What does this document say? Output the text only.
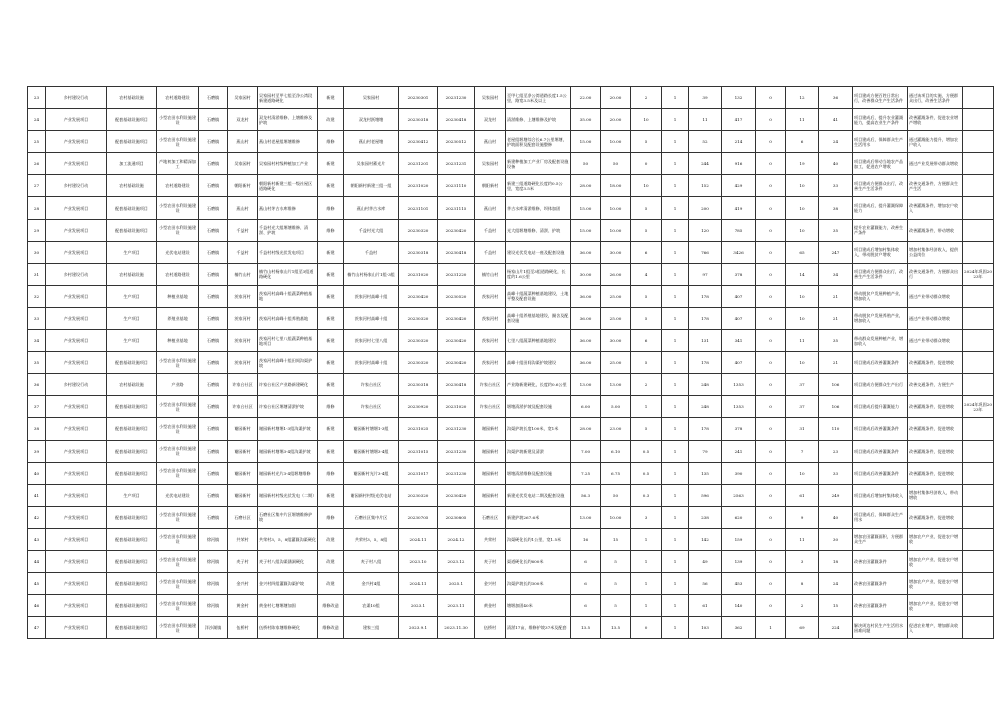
23	乡村建设行动	农村基础设施	农村道路建设	石磨镇	吴家园村	吴家园村至甲七组至净公湾段新建道路硬化	新建	吴家园村	20230301	20231230	吴家园村	至甲七组至净公湾道路长度1.5公里，路宽3.5米及以上	22.00	20.00	2	1	39	132	0	12	36	项目建成方便百姓日常出行，改善群众生产生活条件	通过该项目的实施，方便群众出行，改善生活条件	
24	产业发展项目	配套基础设施项目	小型农田水利设施建设	石磨镇	双龙村	双龙村清淤维修、上塘维修及护坡	改建	双龙村跃塘塘	20230318	20230418	双龙村	清淤维修、上塘维修及护坡	35.00	20.00	10	1	11	417	0	11	41	项目建成后，提升农业灌溉能力，提高农业生产条件	改善灌溉条件，促进农业增产增收	
25	产业发展项目	配套基础设施项目	小型农田水利设施建设	石磨镇	燕山村	燕山村老屋组堰塘维修	维修	燕山村老屋塘	20230412	20230512	燕山村	老屋组堰塘综合长6.7公里堰塘，护坡面积及配套设施整修	15.00	10.00	5	1	52	214	0	6	24	项目建成后，保障群众生产生活用水	通过灌溉能力提升，增加农户收入	
26	产业发展项目	加工流通项目	产地初加工和精深加工	石磨镇	吴家园村	吴家园村村级种植加工产业	新建	吴家园村蓄光片	20231201	20231231	吴家园村	新建种植加工产业厂房及配套设施设备	50	50	0	1	244	916	0	19	40	项目建成后带动当地农产品加工，促进农户增收	通过产业发展带动群众增收	
27	乡村建设行动	农村基础设施	农村道路建设	石磨镇	朝阳新村	朝阳新村新建三组一级社屋区道路硬化	新建	朝阳新村新建三组一组	20231020	20231110	朝阳新村	新建三组道路硬化长度约0.5公里，宽度3.5米	28.00	18.00	10	1	152	429	0	10	33	项目建成方便群众出行，改善生产生活条件	改善交通条件，方便群众生产生活	
28	产业发展项目	配套基础设施项目	小型农田水利设施建设	石磨镇	燕山村	燕山村茅古水库维修	维修	燕山村茅古水库	20231101	20231115	燕山村	茅古水库清淤维修，坝体加固	15.00	10.00	5	1	200	419	0	10	38	项目建成后，提升灌溉保障能力	改善灌溉条件，增加农户收入	
29	产业发展项目	配套基础设施项目	小型农田水利设施建设	石磨镇	千益村	千益村光大组堰塘维修、清淤、护坡	维修	千益村光大组	20230320	20230420	千益村	光大组堰塘维修、清淤、护坡	15.00	10.00	5	1	120	785	0	10	35	提升农业灌溉能力，改善生产条件	改善灌溉条件，带动增收	
30	产业发展项目	生产项目	光伏电站建设	石磨镇	千益村	千益村村级光伏发电项目	新建	千益村	20230318	20230418	千益村	建设光伏发电站一座及配套设施	36.00	30.00	6	1	766	3426	0	65	247	项目建成后增加村集体收入，带动脱贫户增收	增加村集体经济收入，提供公益岗位	
31	乡村建设行动	农村基础设施	农村道路建设	石磨镇	楠竹山村	楠竹山村杨家山片1组至3组道路硬化	新建	楠竹山村杨家山片1组-3组	20231020	20231220	楠竹山村	杨家山片1组至3组道路硬化，长度约1.6公里	30.00	26.00	4	1	97	378	0	14	34	项目建成方便群众出行，改善生产生活条件	改善交通条件，方便群众出行	2024年巩固2023年
32	产业发展项目	生产项目	种植业基地	石磨镇	茨家河村	茨家河村高峰十组蔬菜种植基地	新建	茨家河村高峰十组	20230420	20230520	茨家河村	高峰十组蔬菜种植基地建设，土地平整及配套设施	36.00	25.00	5	1	178	407	0	10	21	带动脱贫户发展种植产业，增加收入	通过产业带动群众增收	
33	产业发展项目	生产项目	养殖业基地	石磨镇	茨家河村	茨家河村高峰十组养殖基地	新建	茨家河村高峰十组	20230320	20230420	茨家河村	高峰十组养殖基地建设，圈舍及配套设施	36.00	25.00	5	1	178	407	0	10	21	带动脱贫户发展养殖产业，增加收入	通过产业带动群众增收	
34	产业发展项目	生产项目	种植业基地	石磨镇	茨家河村	茨家河村七里八组蔬菜种植基地项目	新建	茨家河村七里八组	20230320	20230420	茨家河村	七里八组蔬菜种植基地建设	36.00	30.00	6	1	131	341	0	11	35	带动群众发展种植产业，增加收入	通过产业带动群众增收	
35	产业发展项目	配套基础设施项目	小型农田水利设施建设	石磨镇	茨家河村	茨家河村高峰十组田间沟渠护坡	新建	茨家河村高峰十组	20230320	20230420	茨家河村	高峰十组田间沟渠护坡建设	36.00	25.00	5	1	178	407	0	10	21	项目建成后改善灌溉条件	改善灌溉条件，促进增收	
36	乡村建设行动	农村基础设施	产业路	石磨镇	许家台社区	许家台社区产业路新建硬化	新建	许家台社区	20230318	20230418	许家台社区	产业路新建硬化，长度约0.6公里	13.00	13.00	2	1	248	1353	0	37	106	项目建成方便群众生产出行	改善交通条件，方便生产	
37	产业发展项目	配套基础设施项目	小型农田水利设施建设	石磨镇	许家台社区	许家台社区堰塘清淤护坡	维修	许家台社区	20230920	20231020	许家台社区	堰塘清淤护坡及配套设施	6.00	5.00	1	1	248	1353	0	37	106	项目建成后提升灌溉能力	改善灌溉条件，促进增收	2024年巩固2023年
38	产业发展项目	配套基础设施项目	小型农田水利设施建设	石磨镇	谢园新村	谢园新村塘堰1-3组沟渠护坡	新建	谢园新村塘堰1-3组	20231025	20231230	谢园新村	沟渠护坡长度100米，宽1米	28.00	23.00	5	1	178	378	0	31	110	项目建成后改善灌溉条件	改善灌溉条件，促进增收	
39	产业发展项目	配套基础设施项目	小型农田水利设施建设	石磨镇	谢园新村	谢园新村塘堰3-4组沟渠护坡	新建	谢园新村塘堰3-4组	20231015	20231230	谢园新村	沟渠护坡新建及清淤	7.00	6.10	0.5	1	79	241	0	7	23	项目建成后改善灌溉条件	改善灌溉条件，促进增收	
40	产业发展项目	配套基础设施项目	小型农田水利设施建设	石磨镇	谢园新村	谢园新村光片3-4组堰塘维修	维修	谢园新村光片3-4组	20231017	20231230	谢园新村	堰塘清淤维修及配套设施	7.25	6.75	0.5	1	135	390	0	10	33	项目建成后改善灌溉条件	改善灌溉条件，促进增收	
41	产业发展项目	生产项目	光伏电站建设	石磨镇	谢园新村	谢园新村村级光伏发电（二期）	新建	谢园新村村级光伏电站	20230320	20230420	谢园新村	新建光伏发电站二期及配套设施	56.3	50	0.3	1	596	2563	0	61	249	项目建成后增加村集体收入	增加村集体经济收入，带动增收	
42	产业发展项目	配套基础设施项目	小型农田水利设施建设	石磨镇	石磨社区	石磨社区集中片区堰塘维修护坡	维修	石磨社区集中片区	20230705	20230805	石磨社区	新建护坡267.6米	13.00	10.00	3	1	238	620	0	9	40	项目建成后，保障群众生产用水	改善灌溉条件，促进增收	
43	产业发展项目	配套基础设施项目	小型农田水利设施建设	徐河镇	共荣村	共荣村3，5，8组灌溉沟渠硬化	改建	共荣村3，5，8组	2024.11	2024.12	共荣村	沟渠硬化长约1公里，宽1.5米	16	15	1	1	142	159	0	11	30	增加农田灌溉面积，方便群众生产	增加农户产业，促进农户增收	
44	产业发展项目	配套基础设施项目	小型农田水利设施建设	徐河镇	麦子村	麦子村八组沟渠涵洞硬化	改建	麦子村八组	2023.10	2023.12	麦子村	渠道硬化长约600米	6	5	1	1	49	139	0	3	18	改善农田灌溉条件	增加农户产业，促进农户增收	
45	产业发展项目	配套基础设施项目	小型农田水利设施建设	徐河镇	金兴村	金兴村四组灌溉沟渠护坡	改建	金兴村4组	2024.11	2025.1	金兴村	沟渠护坡长约300米	6	5	1	1	56	453	0	8	24	改善农田灌溉条件	增加农户产业，促进农户增收	
46	产业发展项目	配套基础设施项目	小型农田水利设施建设	徐河镇	黄金村	黄金村七塘堰塘加固	维修改造	农渠10组	2023.1	2023.11	黄金村	塘堰加固40米	6	5	1	1	61	140	0	2	15	改善农田灌溉条件	增加农户产业，促进农户增收	
47	产业发展项目	配套基础设施项目	小型农田水利设施建设	洋沙湖镇	伍桥村	伍桥村陈家塘维修硬化	维修改造	建家三组	2023.9.1	2023.11.30	伍桥村	清淤17亩，维修护坡37米及配套	13.5	13.5	0	1	103	362	1	69	224	解决周边村民生产生活用水困难问题	促进农业增产，增加群众收入	
